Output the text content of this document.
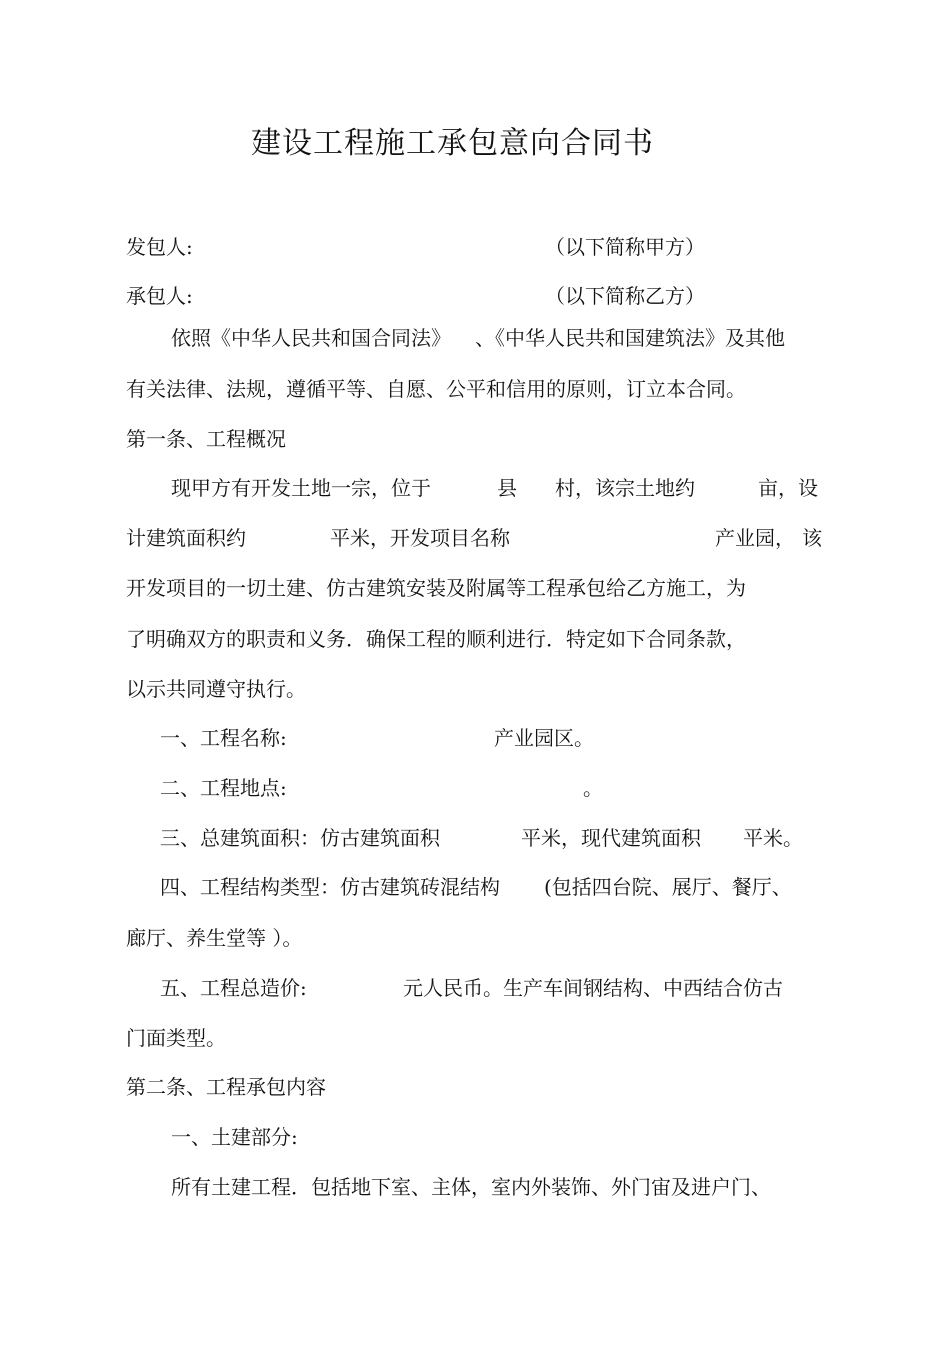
建设工程施工承包意向合同书
发包人:	（以下简称甲方）
承包人:	（以下简称乙方）
依照《中华人民共和国合同法》 、《中华人民共和国建筑法》及其他
有关法律、法规，遵循平等、自愿、公平和信用的原则，订立本合同。
第一条、工程概况
现甲方有开发土地一宗，位于	县 村，该宗土地约	亩，设
计建筑面积约	平米，开发项目名称	产业园， 该
开发项目的一切土建、仿古建筑安装及附属等工程承包给乙方施工，为
了明确双方的职责和义务．确保工程的顺利进行．特定如下合同条款，
以示共同遵守执行。
一、工程名称:	产业园区。
二、工程地点:	。
三、总建筑面积：仿古建筑面积	平米，现代建筑面积 平米。
四、工程结构类型：仿古建筑砖混结构 (包括四台院、展厅、餐厅、
廊厅、养生堂等 ）。
五、工程总造价:	元人民币。生产车间钢结构、中西结合仿古
门面类型。
第二条、工程承包内容
一、土建部分:
所有土建工程．包括地下室、主体，室内外装饰、外门宙及进户门、
